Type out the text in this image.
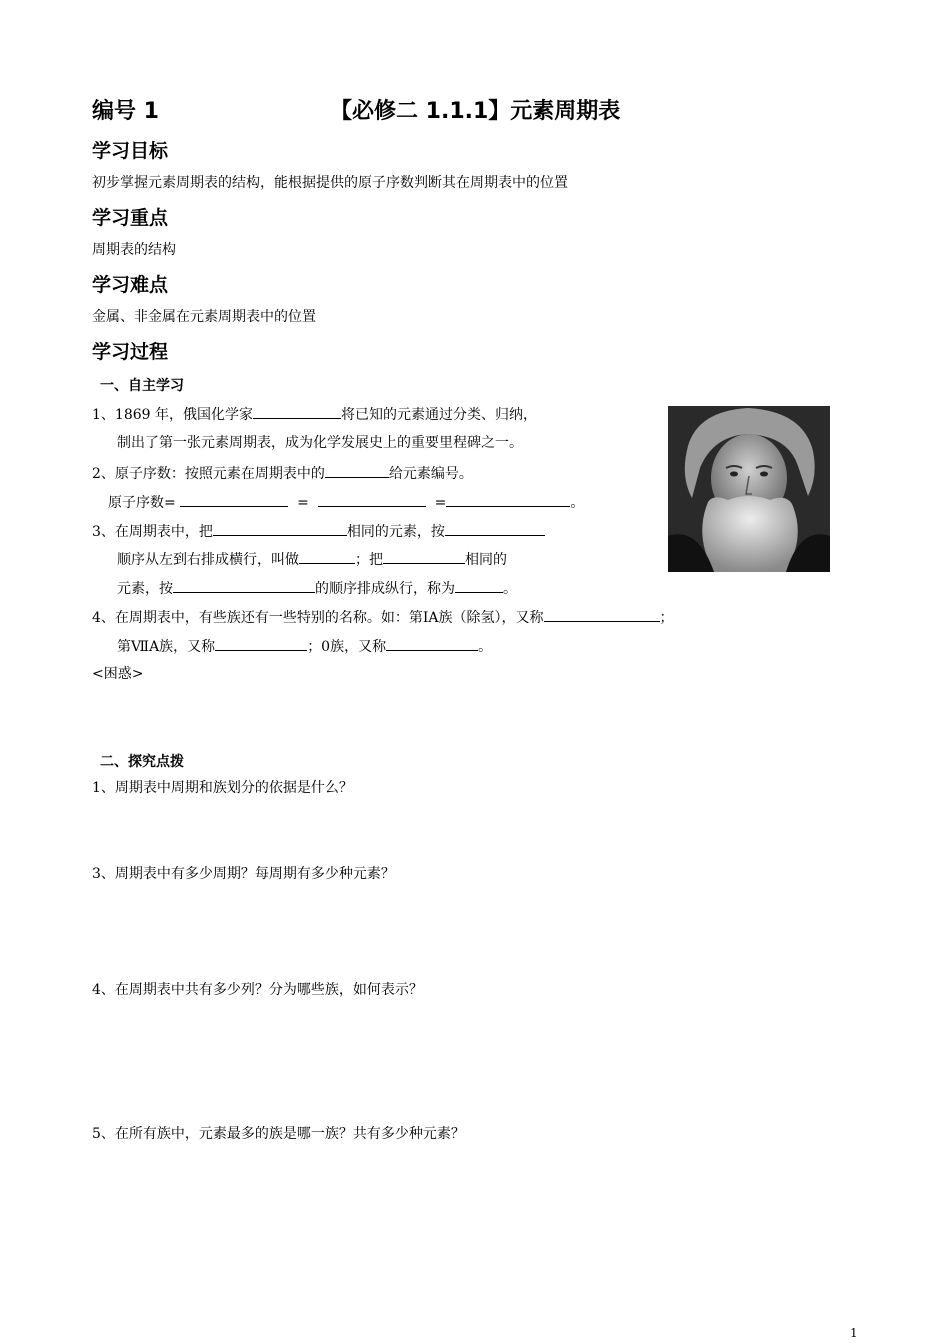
编号 1	【必修二 1.1.1】元素周期表
学习目标
初步掌握元素周期表的结构，能根据提供的原子序数判断其在周期表中的位置
学习重点
周期表的结构
学习难点
金属、非金属在元素周期表中的位置
学习过程
一、自主学习
1、1869 年，俄国化学家	将已知的元素通过分类、归纳，
制出了第一张元素周期表，成为化学发展史上的重要里程碑之一。
2、原子序数：按照元素在周期表中的	给元素编号。
原子序数=	=	=	。
3、在周期表中，把	相同的元素，按
顺序从左到右排成横行，叫做	；把	相同的
元素，按	的顺序排成纵行，称为	。
4、在周期表中，有些族还有一些特别的名称。如：第ⅠA族（除氢），又称	；
第ⅦA族，又称	；0族，又称	。
<困惑>
二、探究点拨
1、周期表中周期和族划分的依据是什么？
3、周期表中有多少周期？每周期有多少种元素？
4、在周期表中共有多少列？分为哪些族，如何表示？
5、在所有族中，元素最多的族是哪一族？共有多少种元素？
1
